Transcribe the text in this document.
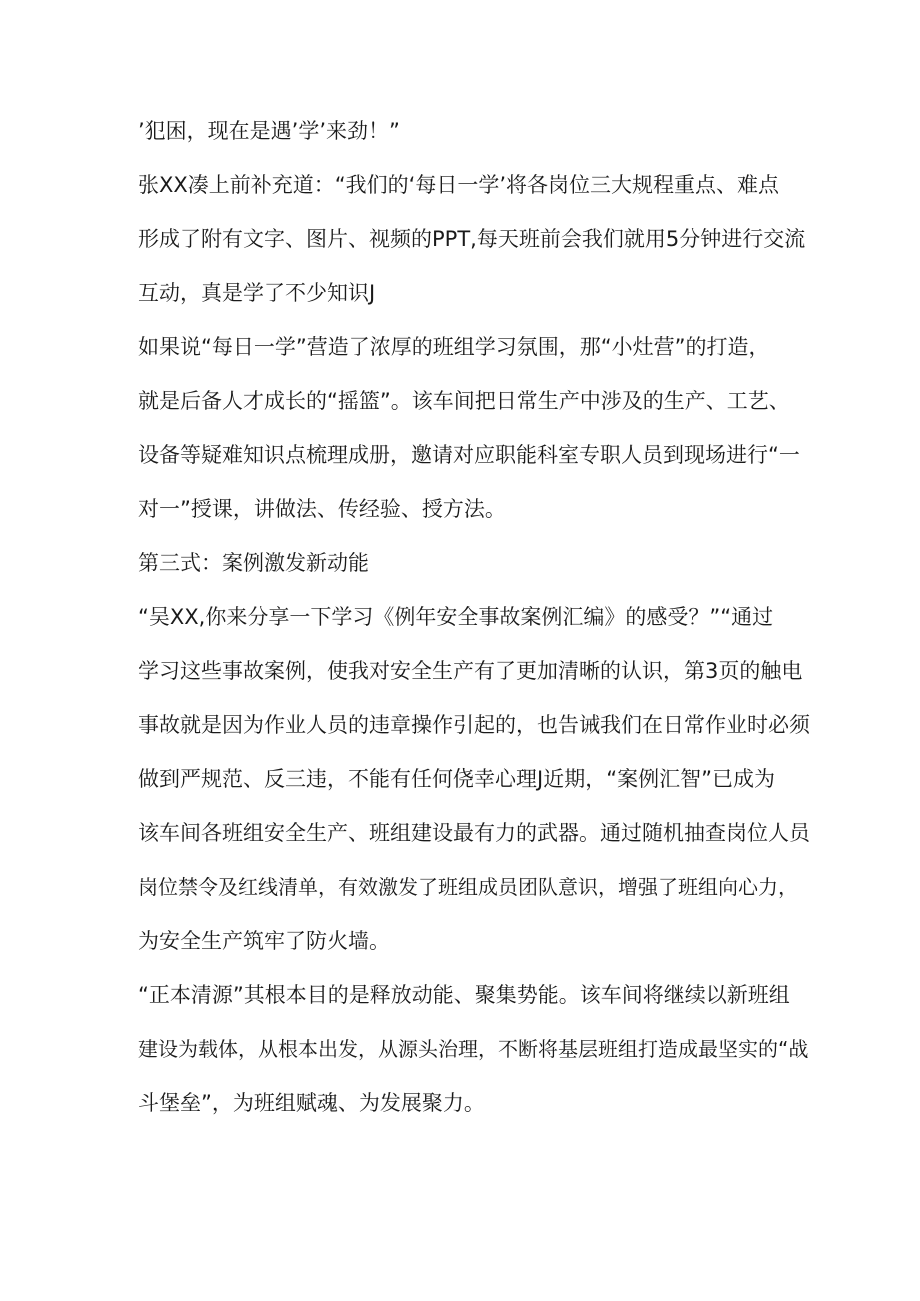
’犯困，现在是遇’学’来劲！”
张XX凑上前补充道：“我们的‘每日一学’将各岗位三大规程重点、难点
形成了附有文字、图片、视频的PPT,每天班前会我们就用5分钟进行交流
互动，真是学了不少知识J
如果说“每日一学”营造了浓厚的班组学习氛围，那“小灶营”的打造，
就是后备人才成长的“摇篮”。该车间把日常生产中涉及的生产、工艺、
设备等疑难知识点梳理成册，邀请对应职能科室专职人员到现场进行“一
对一”授课，讲做法、传经验、授方法。
第三式：案例激发新动能
“吴XX,你来分享一下学习《例年安全事故案例汇编》的感受？”“通过
学习这些事故案例，使我对安全生产有了更加清晰的认识，第3页的触电
事故就是因为作业人员的违章操作引起的，也告诫我们在日常作业时必须
做到严规范、反三违，不能有任何侥幸心理J近期，“案例汇智”已成为
该车间各班组安全生产、班组建设最有力的武器。通过随机抽查岗位人员
岗位禁令及红线清单，有效激发了班组成员团队意识，增强了班组向心力，
为安全生产筑牢了防火墙。
“正本清源”其根本目的是释放动能、聚集势能。该车间将继续以新班组
建设为载体，从根本出发，从源头治理，不断将基层班组打造成最坚实的“战
斗堡垒”，为班组赋魂、为发展聚力。
